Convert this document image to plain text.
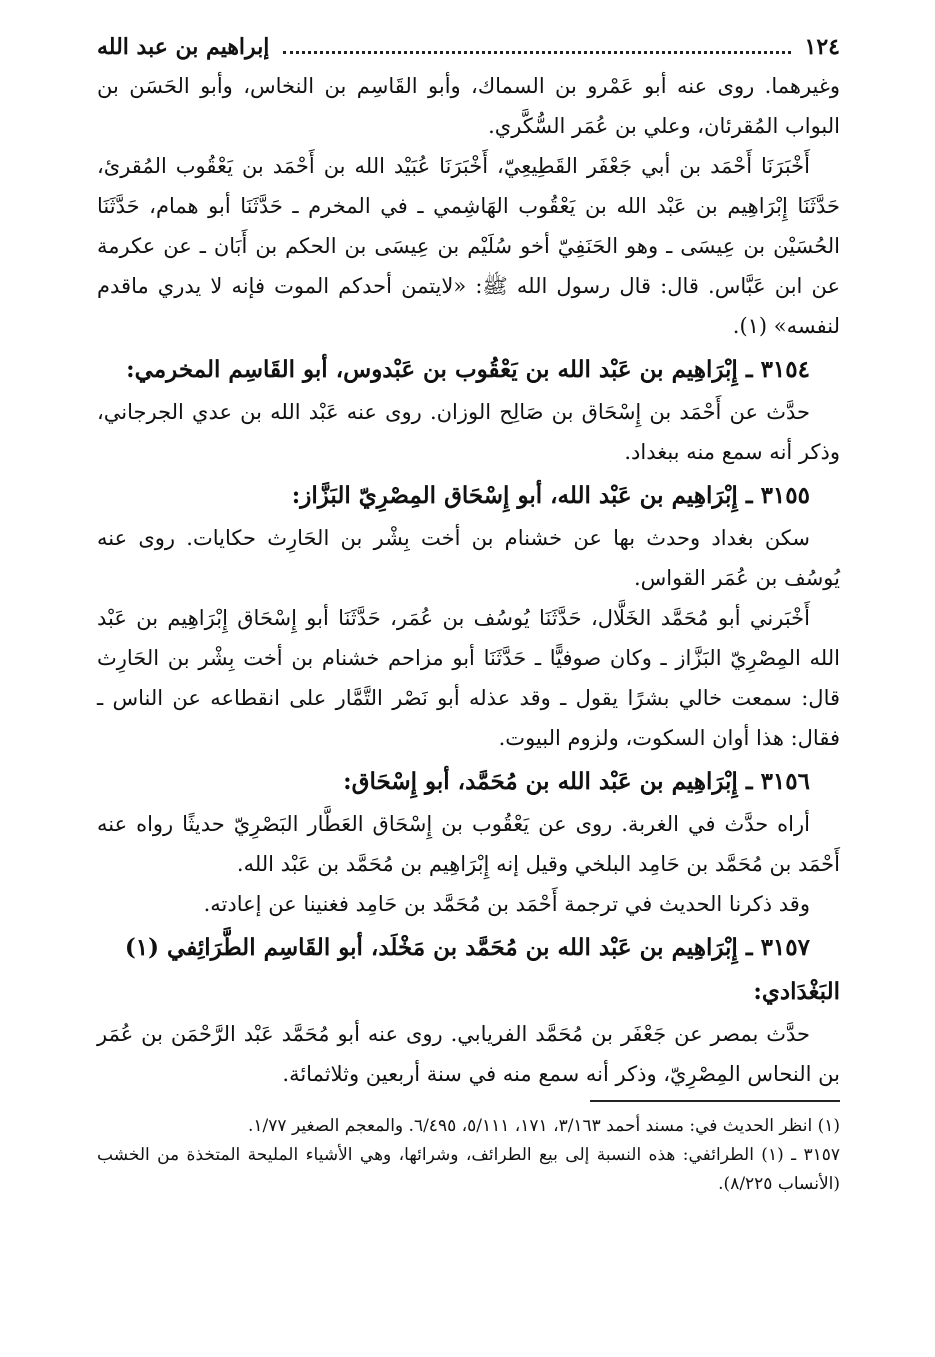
١٢٤
إبراهيم بن عبد الله

وغيرهما. روى عنه أبو عَمْرو بن السماك، وأبو القَاسِم بن النخاس، وأبو الحَسَن بن البواب المُقرئان، وعلي بن عُمَر السُّكَّري.

أَخْبَرَنَا أَحْمَد بن أبي جَعْفَر القَطِيعِيّ، أَخْبَرَنَا عُبَيْد الله بن أَحْمَد بن يَعْقُوب المُقرئ، حَدَّثَنَا إِبْرَاهِيم بن عَبْد الله بن يَعْقُوب الهَاشِمي ـ في المخرم ـ حَدَّثَنَا أبو همام، حَدَّثَنَا الحُسَيْن بن عِيسَى ـ وهو الحَنَفِيّ أخو سُلَيْم بن عِيسَى بن الحكم بن أَبَان ـ عن عكرمة عن ابن عَبَّاس. قال: قال رسول الله ﷺ: «لايتمن أحدكم الموت فإنه لا يدري ماقدم لنفسه» (١).

٣١٥٤ ـ إِبْرَاهِيم بن عَبْد الله بن يَعْقُوب بن عَبْدوس، أبو القَاسِم المخرمي:

حدَّث عن أَحْمَد بن إِسْحَاق بن صَالِح الوزان. روى عنه عَبْد الله بن عدي الجرجاني، وذكر أنه سمع منه ببغداد.

٣١٥٥ ـ إِبْرَاهِيم بن عَبْد الله، أبو إِسْحَاق المِصْرِيّ البَزَّاز:

سكن بغداد وحدث بها عن خشنام بن أخت بِشْر بن الحَارِث حكايات. روى عنه يُوسُف بن عُمَر القواس.

أَخْبَرني أبو مُحَمَّد الخَلَّال، حَدَّثَنَا يُوسُف بن عُمَر، حَدَّثَنَا أبو إِسْحَاق إِبْرَاهِيم بن عَبْد الله المِصْرِيّ البَزَّاز ـ وكان صوفيًّا ـ حَدَّثَنَا أبو مزاحم خشنام بن أخت بِشْر بن الحَارِث قال: سمعت خالي بشرًا يقول ـ وقد عذله أبو نَصْر التَّمَّار على انقطاعه عن الناس ـ فقال: هذا أوان السكوت، ولزوم البيوت.

٣١٥٦ ـ إِبْرَاهِيم بن عَبْد الله بن مُحَمَّد، أبو إِسْحَاق:

أراه حدَّث في الغربة. روى عن يَعْقُوب بن إِسْحَاق العَطَّار البَصْرِيّ حديثًا رواه عنه أَحْمَد بن مُحَمَّد بن حَامِد البلخي وقيل إنه إِبْرَاهِيم بن مُحَمَّد بن عَبْد الله.

وقد ذكرنا الحديث في ترجمة أَحْمَد بن مُحَمَّد بن حَامِد فغنينا عن إعادته.

٣١٥٧ ـ إِبْرَاهِيم بن عَبْد الله بن مُحَمَّد بن مَخْلَد، أبو القَاسِم الطَّرَائِفي (١) البَغْدَادي:

حدَّث بمصر عن جَعْفَر بن مُحَمَّد الفريابي. روى عنه أبو مُحَمَّد عَبْد الرَّحْمَن بن عُمَر بن النحاس المِصْرِيّ، وذكر أنه سمع منه في سنة أربعين وثلاثمائة.

(١) انظر الحديث في: مسند أحمد ٣/١٦٣، ١٧١، ٥/١١١، ٦/٤٩٥. والمعجم الصغير ١/٧٧.

٣١٥٧ ـ (١) الطرائفي: هذه النسبة إلى بيع الطرائف، وشرائها، وهي الأشياء المليحة المتخذة من الخشب (الأنساب ٨/٢٢٥).
